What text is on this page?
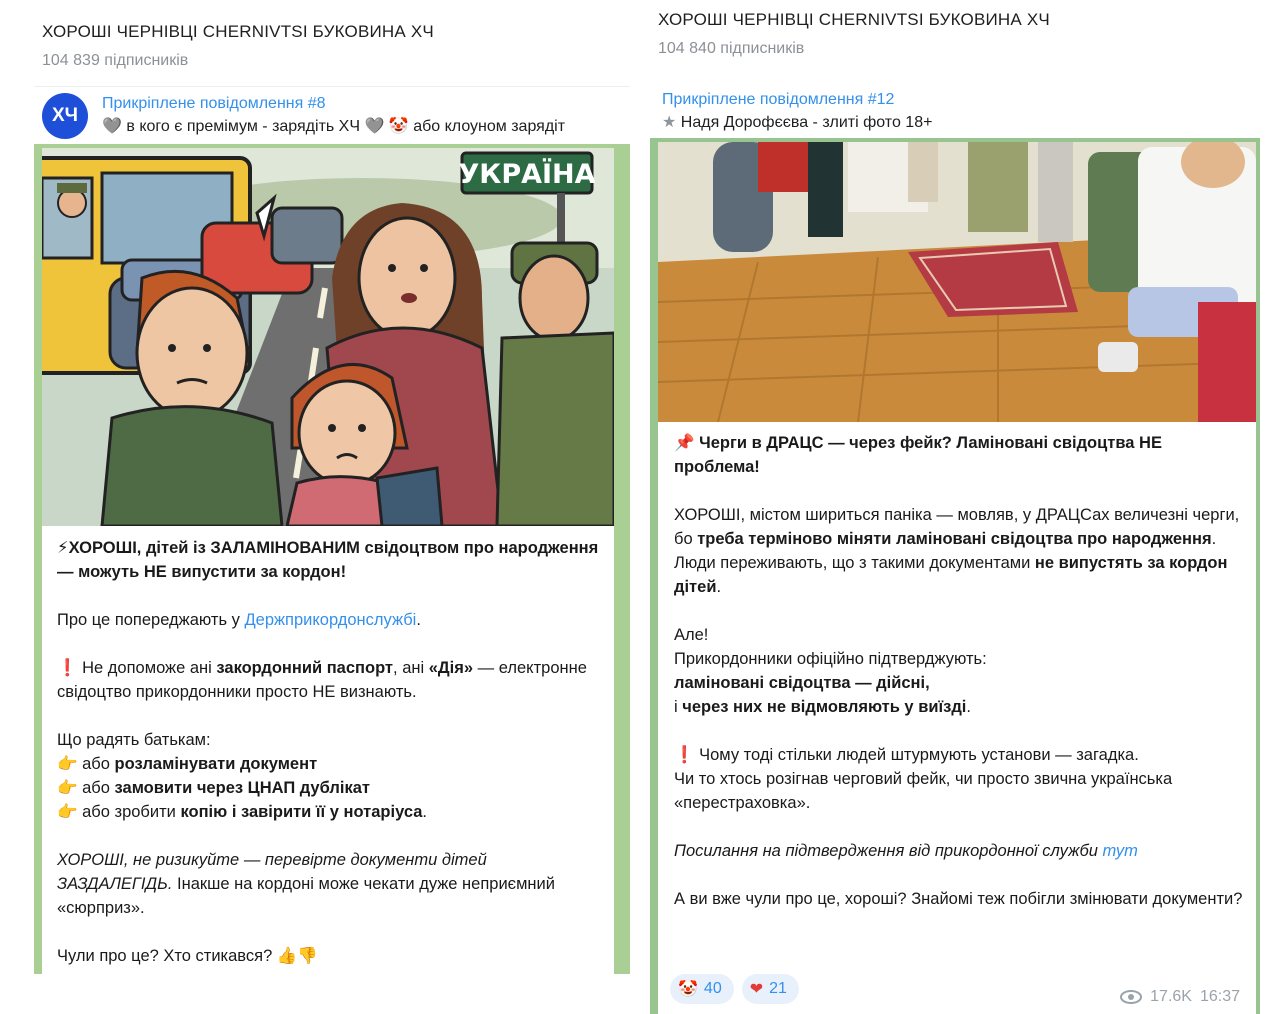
ХОРОШІ ЧЕРНІВЦІ CHERNIVTSI БУКОВИНА ХЧ
104 839 підписників
ХЧ
Прикріплене повідомлення #8
🩶 в кого є премімум - зарядіть ХЧ 🩶 🤡 або клоуном зарядіт
УКРАЇНА

⚡ХОРОШІ, дітей із ЗАЛАМІНОВАНИМ свідоцтвом про народження — можуть НЕ випустити за кордон!

Про це попереджають у Держприкордонслужбі.

❗ Не допоможе ані закордонний паспорт, ані «Дія» — електронне свідоцтво прикордонники просто НЕ визнають.

Що радять батькам:
👉 або розламінувати документ
👉 або замовити через ЦНАП дублікат
👉 або зробити копію і завірити її у нотаріуса.

ХОРОШІ, не ризикуйте — перевірте документи дітей ЗАЗДАЛЕГІДЬ. Інакше на кордоні може чекати дуже неприємний «сюрприз».

Чули про це? Хто стикався? 👍👎

ХОРОШІ ЧЕРНІВЦІ CHERNIVTSI БУКОВИНА ХЧ
104 840 підписників
Прикріплене повідомлення #12
★ Надя Дорофєєва - злиті фото 18+

📌 Черги в ДРАЦС — через фейк? Ламіновані свідоцтва НЕ проблема!

ХОРОШІ, містом шириться паніка — мовляв, у ДРАЦСах величезні черги, бо треба терміново міняти ламіновані свідоцтва про народження.
Люди переживають, що з такими документами не випустять за кордон дітей.

Але!
Прикордонники офіційно підтверджують:
ламіновані свідоцтва — дійсні,
і через них не відмовляють у виїзді.

❗ Чому тоді стільки людей штурмують установи — загадка.
Чи то хтось розігнав черговий фейк, чи просто звична українська «перестраховка».

Посилання на підтвердження від прикордонної служби тут

А ви вже чули про це, хороші? Знайомі теж побігли змінювати документи?

🤡 40 ❤ 21	17.6K 16:37
